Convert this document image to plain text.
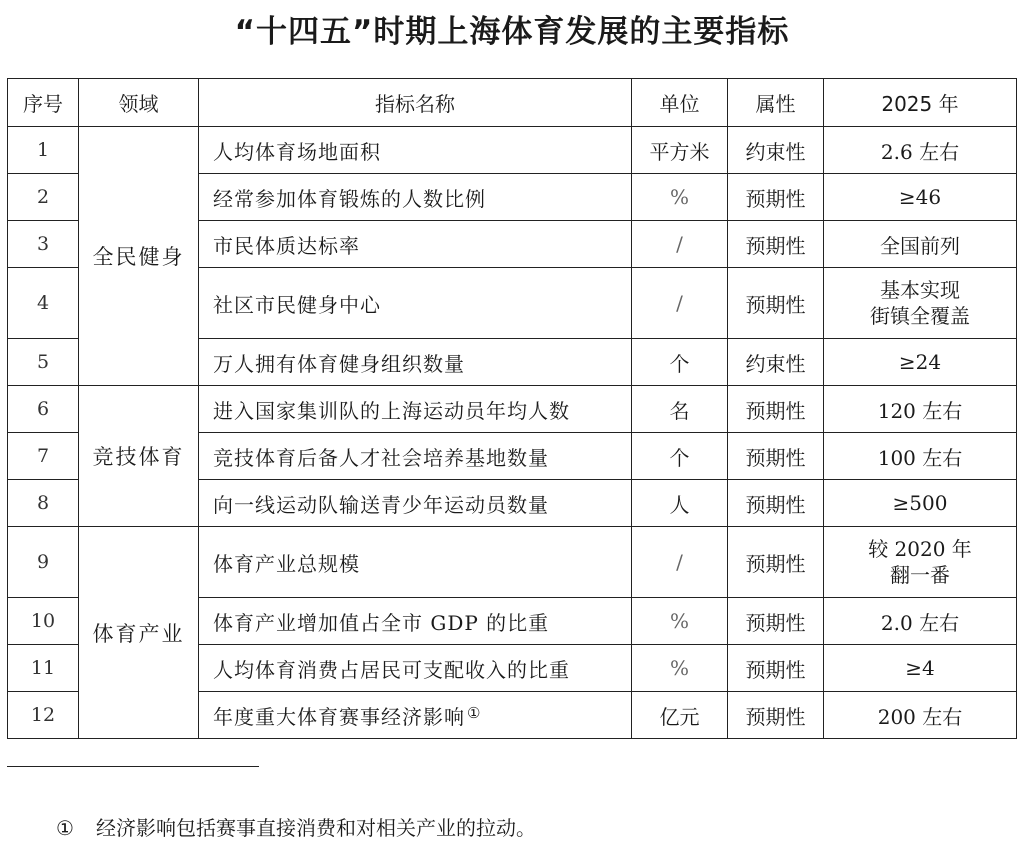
“十四五”时期上海体育发展的主要指标
序号	领域	指标名称	单位	属性	2025 年
1	全民健身	人均体育场地面积	平方米	约束性	2.6 左右
2		经常参加体育锻炼的人数比例	%	预期性	≥46
3		市民体质达标率	/	预期性	全国前列
4		社区市民健身中心	/	预期性	基本实现
街镇全覆盖

5		万人拥有体育健身组织数量	个	约束性	≥24
6	竞技体育	进入国家集训队的上海运动员年均人数	名	预期性	120 左右
7		竞技体育后备人才社会培养基地数量	个	预期性	100 左右
8		向一线运动队输送青少年运动员数量	人	预期性	≥500
9	体育产业	体育产业总规模	/	预期性	较 2020 年
翻一番

10		体育产业增加值占全市 GDP 的比重	%	预期性	2.0 左右
11		人均体育消费占居民可支配收入的比重	%	预期性	≥4
12		年度重大体育赛事经济影响 ①	亿元	预期性	200 左右
① 经济影响包括赛事直接消费和对相关产业的拉动。
